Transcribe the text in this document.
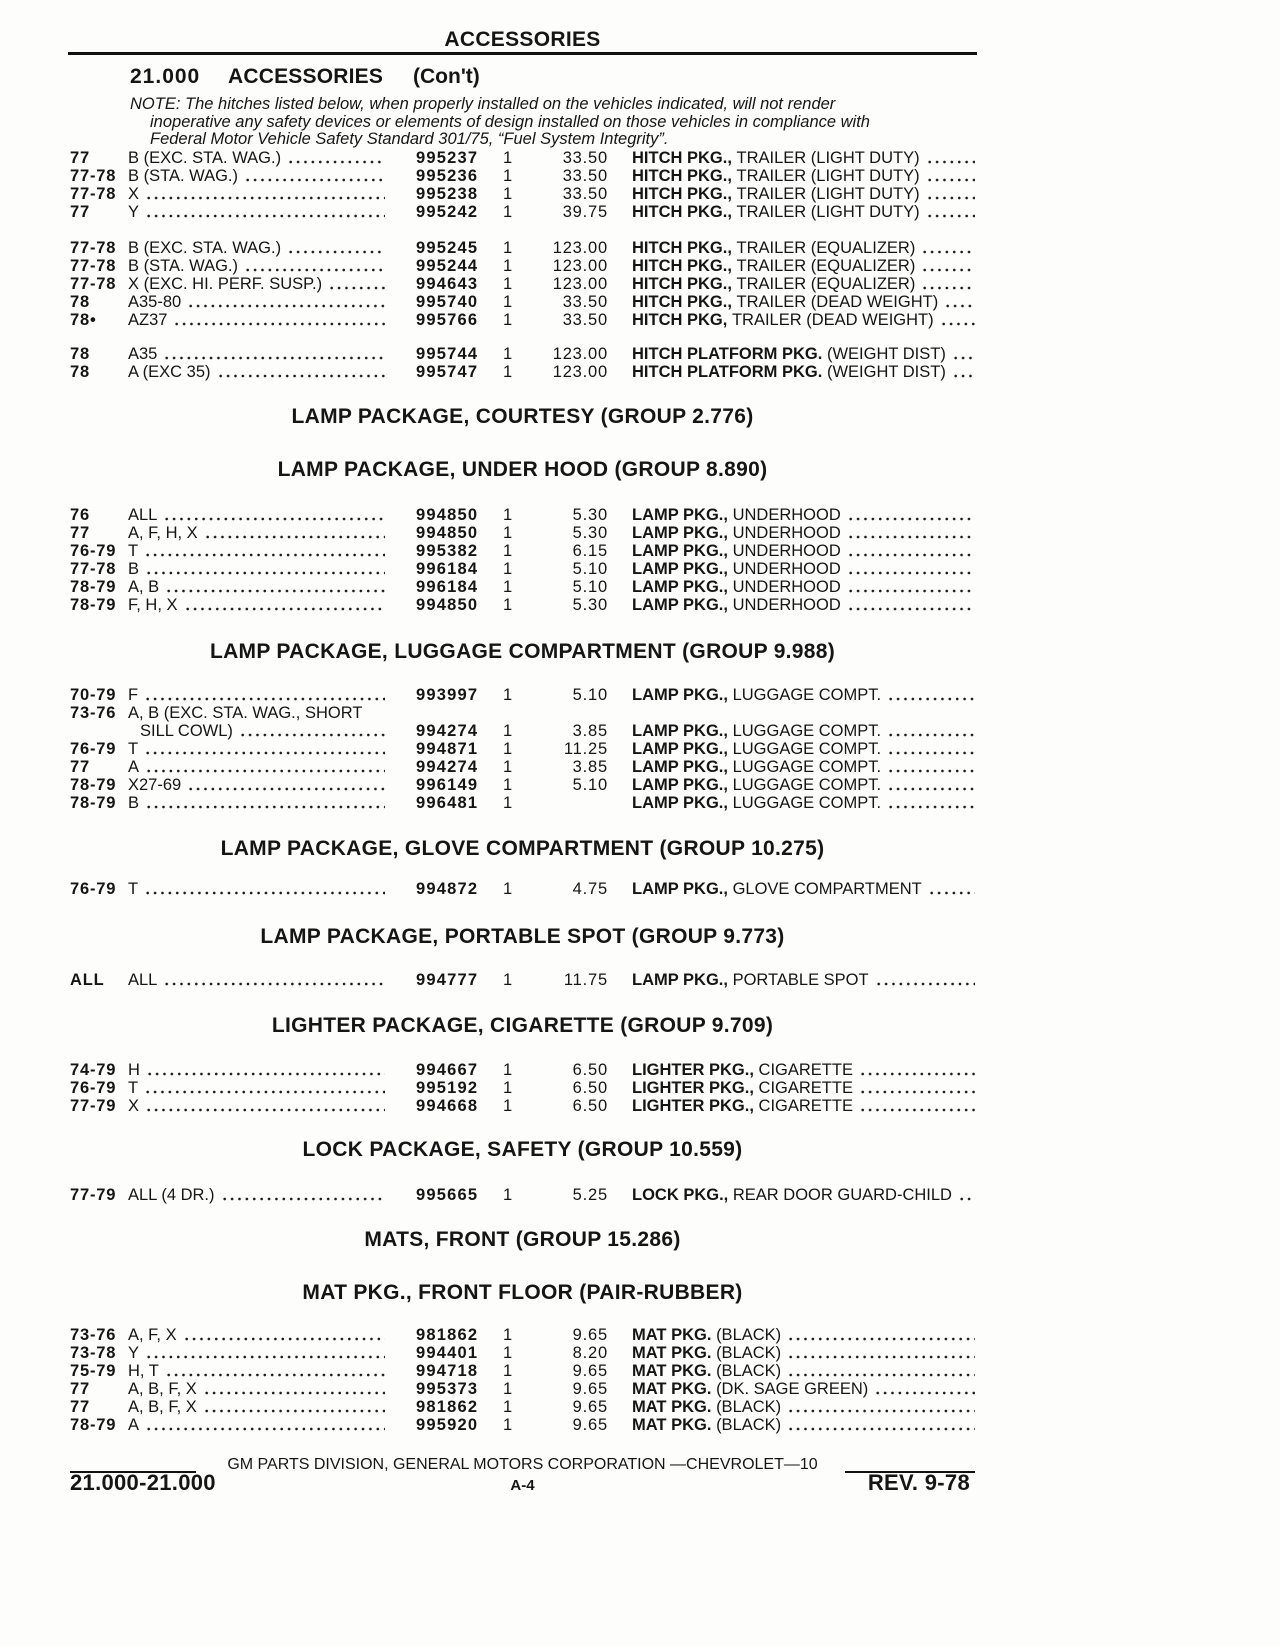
ACCESSORIES
21.000 ACCESSORIES (Con't)
NOTE: The hitches listed below, when properly installed on the vehicles indicated, will not render
inoperative any safety devices or elements of design installed on those vehicles in compliance with
Federal Motor Vehicle Safety Standard 301/75, “Fuel System Integrity”.
77 B (EXC. STA. WAG.)	995237 1	33.50 HITCH PKG., TRAILER (LIGHT DUTY)
77-78 B (STA. WAG.)	995236 1	33.50 HITCH PKG., TRAILER (LIGHT DUTY)
77-78 X	995238 1	33.50 HITCH PKG., TRAILER (LIGHT DUTY)
77 Y	995242 1	39.75 HITCH PKG., TRAILER (LIGHT DUTY)
77-78 B (EXC. STA. WAG.)	995245 1	123.00 HITCH PKG., TRAILER (EQUALIZER)
77-78 B (STA. WAG.)	995244 1	123.00 HITCH PKG., TRAILER (EQUALIZER)
77-78 X (EXC. HI. PERF. SUSP.)	994643 1	123.00 HITCH PKG., TRAILER (EQUALIZER)
78 A35-80	995740 1	33.50 HITCH PKG., TRAILER (DEAD WEIGHT)
78• AZ37	995766 1	33.50 HITCH PKG, TRAILER (DEAD WEIGHT)
78 A35	995744 1	123.00 HITCH PLATFORM PKG. (WEIGHT DIST)
78 A (EXC 35)	995747 1	123.00 HITCH PLATFORM PKG. (WEIGHT DIST)
LAMP PACKAGE, COURTESY (GROUP 2.776)
LAMP PACKAGE, UNDER HOOD (GROUP 8.890)
76 ALL	994850 1	5.30 LAMP PKG., UNDERHOOD
77 A, F, H, X	994850 1	5.30 LAMP PKG., UNDERHOOD
76-79 T	995382 1	6.15 LAMP PKG., UNDERHOOD
77-78 B	996184 1	5.10 LAMP PKG., UNDERHOOD
78-79 A, B	996184 1	5.10 LAMP PKG., UNDERHOOD
78-79 F, H, X	994850 1	5.30 LAMP PKG., UNDERHOOD
LAMP PACKAGE, LUGGAGE COMPARTMENT (GROUP 9.988)
70-79 F	993997 1	5.10 LAMP PKG., LUGGAGE COMPT.
73-76 A, B (EXC. STA. WAG., SHORT
SILL COWL)	994274 1	3.85 LAMP PKG., LUGGAGE COMPT.
76-79 T	994871 1	11.25 LAMP PKG., LUGGAGE COMPT.
77 A	994274 1	3.85 LAMP PKG., LUGGAGE COMPT.
78-79 X27-69	996149 1	5.10 LAMP PKG., LUGGAGE COMPT.
78-79 B	996481 1	LAMP PKG., LUGGAGE COMPT.
LAMP PACKAGE, GLOVE COMPARTMENT (GROUP 10.275)
76-79 T	994872 1	4.75 LAMP PKG., GLOVE COMPARTMENT
LAMP PACKAGE, PORTABLE SPOT (GROUP 9.773)
ALL ALL	994777 1	11.75 LAMP PKG., PORTABLE SPOT
LIGHTER PACKAGE, CIGARETTE (GROUP 9.709)
74-79 H	994667 1	6.50 LIGHTER PKG., CIGARETTE
76-79 T	995192 1	6.50 LIGHTER PKG., CIGARETTE
77-79 X	994668 1	6.50 LIGHTER PKG., CIGARETTE
LOCK PACKAGE, SAFETY (GROUP 10.559)
77-79 ALL (4 DR.)	995665 1	5.25 LOCK PKG., REAR DOOR GUARD-CHILD
MATS, FRONT (GROUP 15.286)
MAT PKG., FRONT FLOOR (PAIR-RUBBER)
73-76 A, F, X	981862 1	9.65 MAT PKG. (BLACK)
73-78 Y	994401 1	8.20 MAT PKG. (BLACK)
75-79 H, T	994718 1	9.65 MAT PKG. (BLACK)
77 A, B, F, X	995373 1	9.65 MAT PKG. (DK. SAGE GREEN)
77 A, B, F, X	981862 1	9.65 MAT PKG. (BLACK)
78-79 A	995920 1	9.65 MAT PKG. (BLACK)
GM PARTS DIVISION, GENERAL MOTORS CORPORATION —CHEVROLET—10
21.000-21.000	A-4	REV. 9-78
